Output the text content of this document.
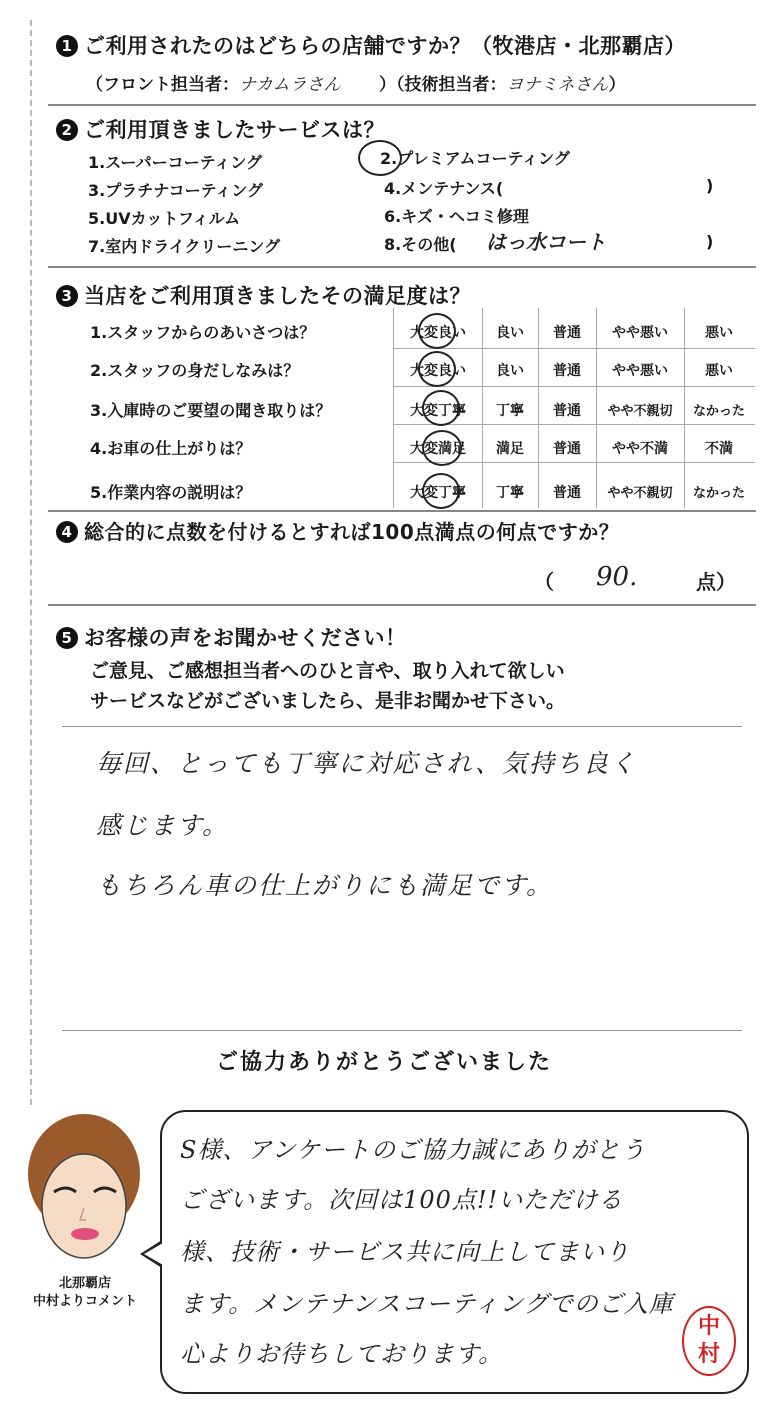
1 ご利用されたのはどちらの店舗ですか？（牧港店・北那覇店）
（フロント担当者：ナカムラさん ）（技術担当者：ヨナミネさん）
2 ご利用頂きましたサービスは？
1.スーパーコーティング	2.プレミアムコーティング
3.プラチナコーティング	4.メンテナンス(	)
5.UVカットフィルム	6.キズ・ヘコミ修理
7.室内ドライクリーニング	8.その他( はっ水コート	)
3 当店をご利用頂きましたその満足度は？
1.スタッフからのあいさつは？	大変良い	良い	普通	やや悪い	悪い
2.スタッフの身だしなみは？	大変良い	良い	普通	やや悪い	悪い
3.入庫時のご要望の聞き取りは？	大変丁寧	丁寧	普通	やや不親切	なかった
4.お車の仕上がりは？	大変満足	満足	普通	やや不満	不満
5.作業内容の説明は？	大変丁寧	丁寧	普通	やや不親切	なかった
4 総合的に点数を付けるとすれば100点満点の何点ですか？
（ 90.	点）
5 お客様の声をお聞かせください！
ご意見、ご感想担当者へのひと言や、取り入れて欲しい
サービスなどがございましたら、是非お聞かせ下さい。
毎回、とっても丁寧に対応され、気持ち良く
感じます。
もちろん車の仕上がりにも満足です。
ご協力ありがとうございました
北那覇店
中村よりコメント
S様、アンケートのご協力誠にありがとう
ございます。次回は100点!!いただける
様、技術・サービス共に向上してまいり
ます。メンテナンスコーティングでのご入庫
心よりお待ちしております。
中
村
